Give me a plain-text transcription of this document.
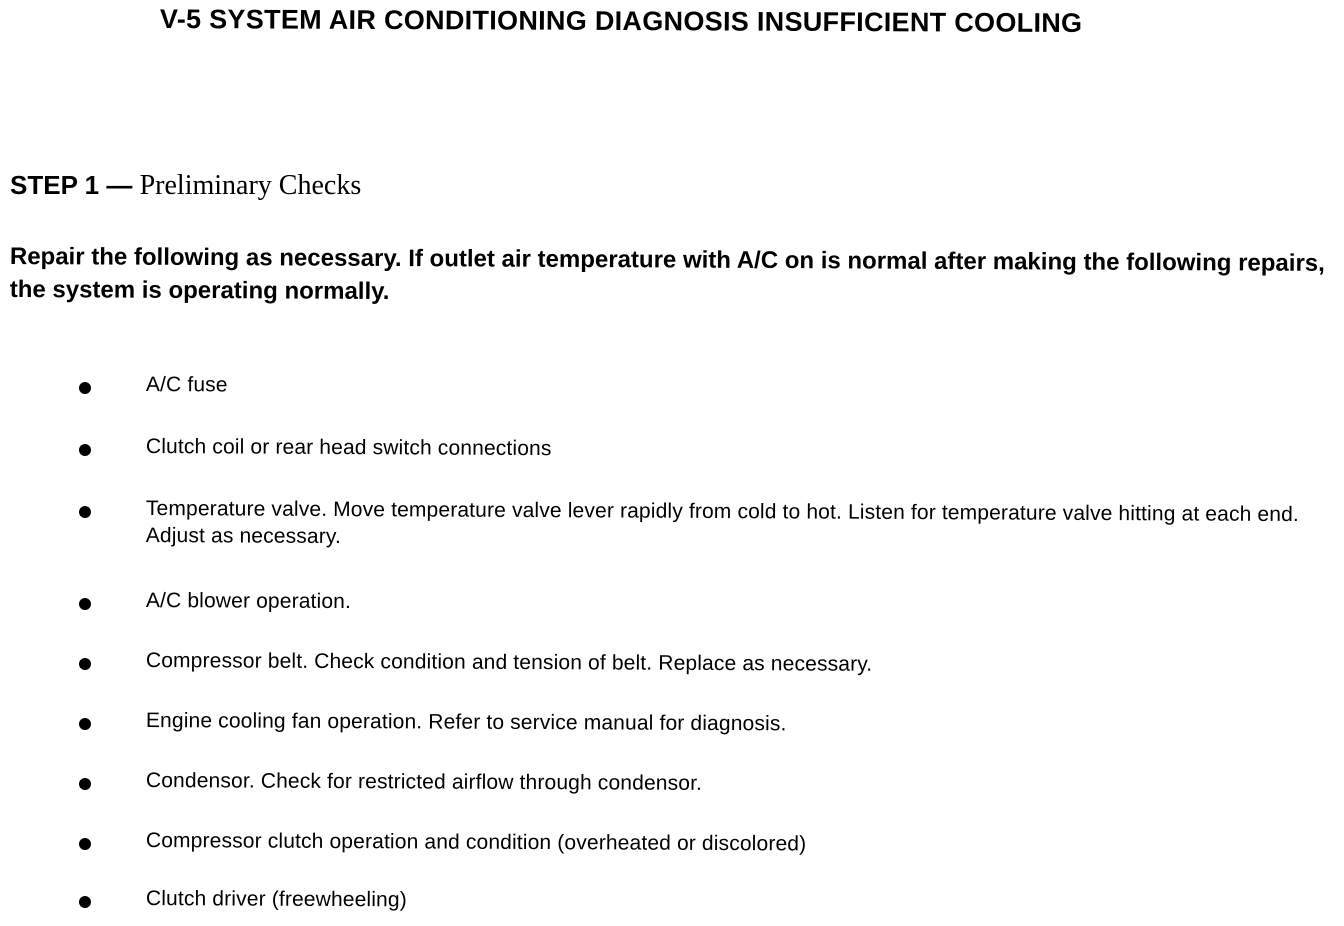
V-5 SYSTEM AIR CONDITIONING DIAGNOSIS INSUFFICIENT COOLING
STEP 1 — Preliminary Checks

Repair the following as necessary. If outlet air temperature with A/C on is normal after making the following repairs, the system is operating normally.

A/C fuse

Clutch coil or rear head switch connections

Temperature valve. Move temperature valve lever rapidly from cold to hot. Listen for temperature valve hitting at each end. Adjust as necessary.

A/C blower operation.

Compressor belt. Check condition and tension of belt. Replace as necessary.

Engine cooling fan operation. Refer to service manual for diagnosis.

Condensor. Check for restricted airflow through condensor.

Compressor clutch operation and condition (overheated or discolored)

Clutch driver (freewheeling)
